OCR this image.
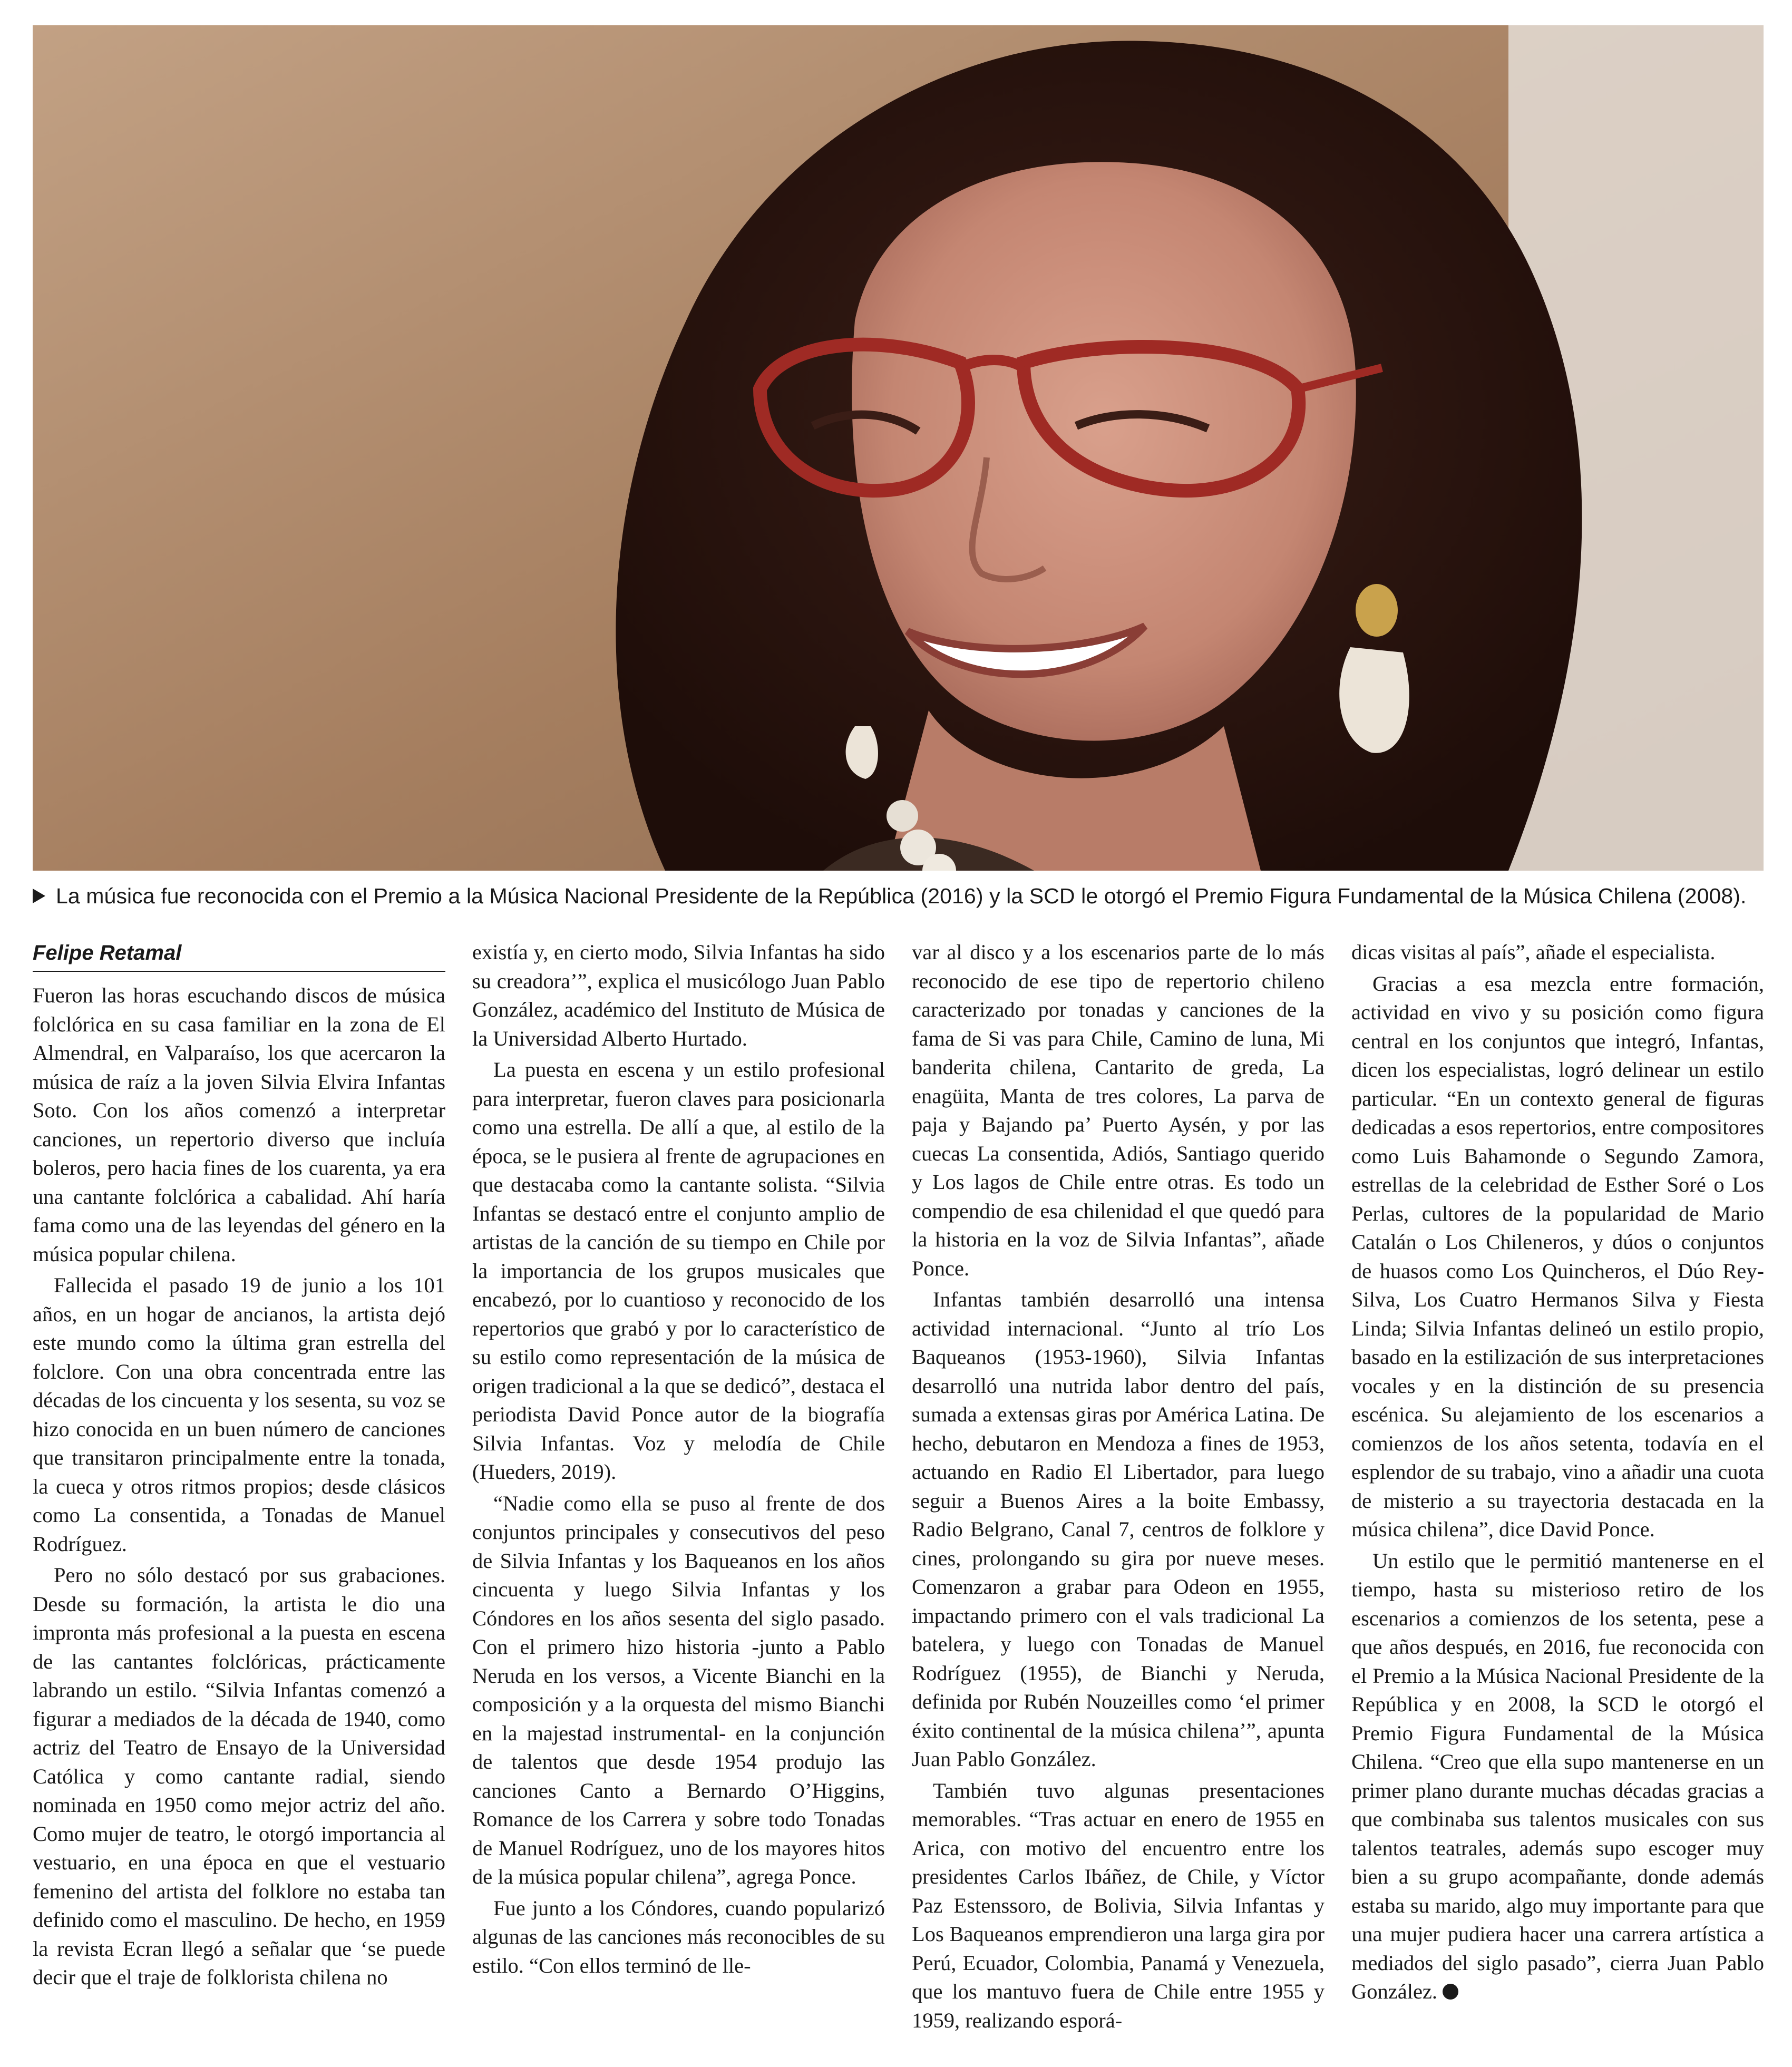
La música fue reconocida con el Premio a la Música Nacional Presidente de la República (2016) y la SCD le otorgó el Premio Figura Fundamental de la Música Chilena (2008).
Felipe Retamal

Fueron las horas escuchando discos de música folclórica en su casa familiar en la zona de El Almendral, en Valparaíso, los que acercaron la música de raíz a la joven Silvia Elvira Infantas Soto. Con los años comenzó a interpretar canciones, un repertorio diverso que incluía boleros, pero hacia fines de los cuarenta, ya era una cantante folclórica a cabalidad. Ahí haría fama como una de las leyendas del género en la música popular chilena.

Fallecida el pasado 19 de junio a los 101 años, en un hogar de ancianos, la artista dejó este mundo como la última gran estrella del folclore. Con una obra concentrada entre las décadas de los cincuenta y los sesenta, su voz se hizo conocida en un buen número de canciones que transitaron principalmente entre la tonada, la cueca y otros ritmos propios; desde clásicos como La consentida, a Tonadas de Manuel Rodríguez.

Pero no sólo destacó por sus grabaciones. Desde su formación, la artista le dio una impronta más profesional a la puesta en escena de las cantantes folclóricas, prácticamente labrando un estilo. “Silvia Infantas comenzó a figurar a mediados de la década de 1940, como actriz del Teatro de Ensayo de la Universidad Católica y como cantante radial, siendo nominada en 1950 como mejor actriz del año. Como mujer de teatro, le otorgó importancia al vestuario, en una época en que el vestuario femenino del artista del folklore no estaba tan definido como el masculino. De hecho, en 1959 la revista Ecran llegó a señalar que ‘se puede decir que el traje de folklorista chilena no

existía y, en cierto modo, Silvia Infantas ha sido su creadora’”, explica el musicólogo Juan Pablo González, académico del Instituto de Música de la Universidad Alberto Hurtado.

La puesta en escena y un estilo profesional para interpretar, fueron claves para posicionarla como una estrella. De allí a que, al estilo de la época, se le pusiera al frente de agrupaciones en que destacaba como la cantante solista. “Silvia Infantas se destacó entre el conjunto amplio de artistas de la canción de su tiempo en Chile por la importancia de los grupos musicales que encabezó, por lo cuantioso y reconocido de los repertorios que grabó y por lo característico de su estilo como representación de la música de origen tradicional a la que se dedicó”, destaca el periodista David Ponce autor de la biografía Silvia Infantas. Voz y melodía de Chile (Hueders, 2019).

“Nadie como ella se puso al frente de dos conjuntos principales y consecutivos del peso de Silvia Infantas y los Baqueanos en los años cincuenta y luego Silvia Infantas y los Cóndores en los años sesenta del siglo pasado. Con el primero hizo historia -junto a Pablo Neruda en los versos, a Vicente Bianchi en la composición y a la orquesta del mismo Bianchi en la majestad instrumental- en la conjunción de talentos que desde 1954 produjo las canciones Canto a Bernardo O’Higgins, Romance de los Carrera y sobre todo Tonadas de Manuel Rodríguez, uno de los mayores hitos de la música popular chilena”, agrega Ponce.

Fue junto a los Cóndores, cuando popularizó algunas de las canciones más reconocibles de su estilo. “Con ellos terminó de lle-

var al disco y a los escenarios parte de lo más reconocido de ese tipo de repertorio chileno caracterizado por tonadas y canciones de la fama de Si vas para Chile, Camino de luna, Mi banderita chilena, Cantarito de greda, La enagüita, Manta de tres colores, La parva de paja y Bajando pa’ Puerto Aysén, y por las cuecas La consentida, Adiós, Santiago querido y Los lagos de Chile entre otras. Es todo un compendio de esa chilenidad el que quedó para la historia en la voz de Silvia Infantas”, añade Ponce.

Infantas también desarrolló una intensa actividad internacional. “Junto al trío Los Baqueanos (1953-1960), Silvia Infantas desarrolló una nutrida labor dentro del país, sumada a extensas giras por América Latina. De hecho, debutaron en Mendoza a fines de 1953, actuando en Radio El Libertador, para luego seguir a Buenos Aires a la boite Embassy, Radio Belgrano, Canal 7, centros de folklore y cines, prolongando su gira por nueve meses. Comenzaron a grabar para Odeon en 1955, impactando primero con el vals tradicional La batelera, y luego con Tonadas de Manuel Rodríguez (1955), de Bianchi y Neruda, definida por Rubén Nouzeilles como ‘el primer éxito continental de la música chilena’”, apunta Juan Pablo González.

También tuvo algunas presentaciones memorables. “Tras actuar en enero de 1955 en Arica, con motivo del encuentro entre los presidentes Carlos Ibáñez, de Chile, y Víctor Paz Estenssoro, de Bolivia, Silvia Infantas y Los Baqueanos emprendieron una larga gira por Perú, Ecuador, Colombia, Panamá y Venezuela, que los mantuvo fuera de Chile entre 1955 y 1959, realizando esporá-

dicas visitas al país”, añade el especialista.

Gracias a esa mezcla entre formación, actividad en vivo y su posición como figura central en los conjuntos que integró, Infantas, dicen los especialistas, logró delinear un estilo particular. “En un contexto general de figuras dedicadas a esos repertorios, entre compositores como Luis Bahamonde o Segundo Zamora, estrellas de la celebridad de Esther Soré o Los Perlas, cultores de la popularidad de Mario Catalán o Los Chileneros, y dúos o conjuntos de huasos como Los Quincheros, el Dúo Rey-Silva, Los Cuatro Hermanos Silva y Fiesta Linda; Silvia Infantas delineó un estilo propio, basado en la estilización de sus interpretaciones vocales y en la distinción de su presencia escénica. Su alejamiento de los escenarios a comienzos de los años setenta, todavía en el esplendor de su trabajo, vino a añadir una cuota de misterio a su trayectoria destacada en la música chilena”, dice David Ponce.

Un estilo que le permitió mantenerse en el tiempo, hasta su misterioso retiro de los escenarios a comienzos de los setenta, pese a que años después, en 2016, fue reconocida con el Premio a la Música Nacional Presidente de la República y en 2008, la SCD le otorgó el Premio Figura Fundamental de la Música Chilena. “Creo que ella supo mantenerse en un primer plano durante muchas décadas gracias a que combinaba sus talentos musicales con sus talentos teatrales, además supo escoger muy bien a su grupo acompañante, donde además estaba su marido, algo muy importante para que una mujer pudiera hacer una carrera artística a mediados del siglo pasado”, cierra Juan Pablo González.
